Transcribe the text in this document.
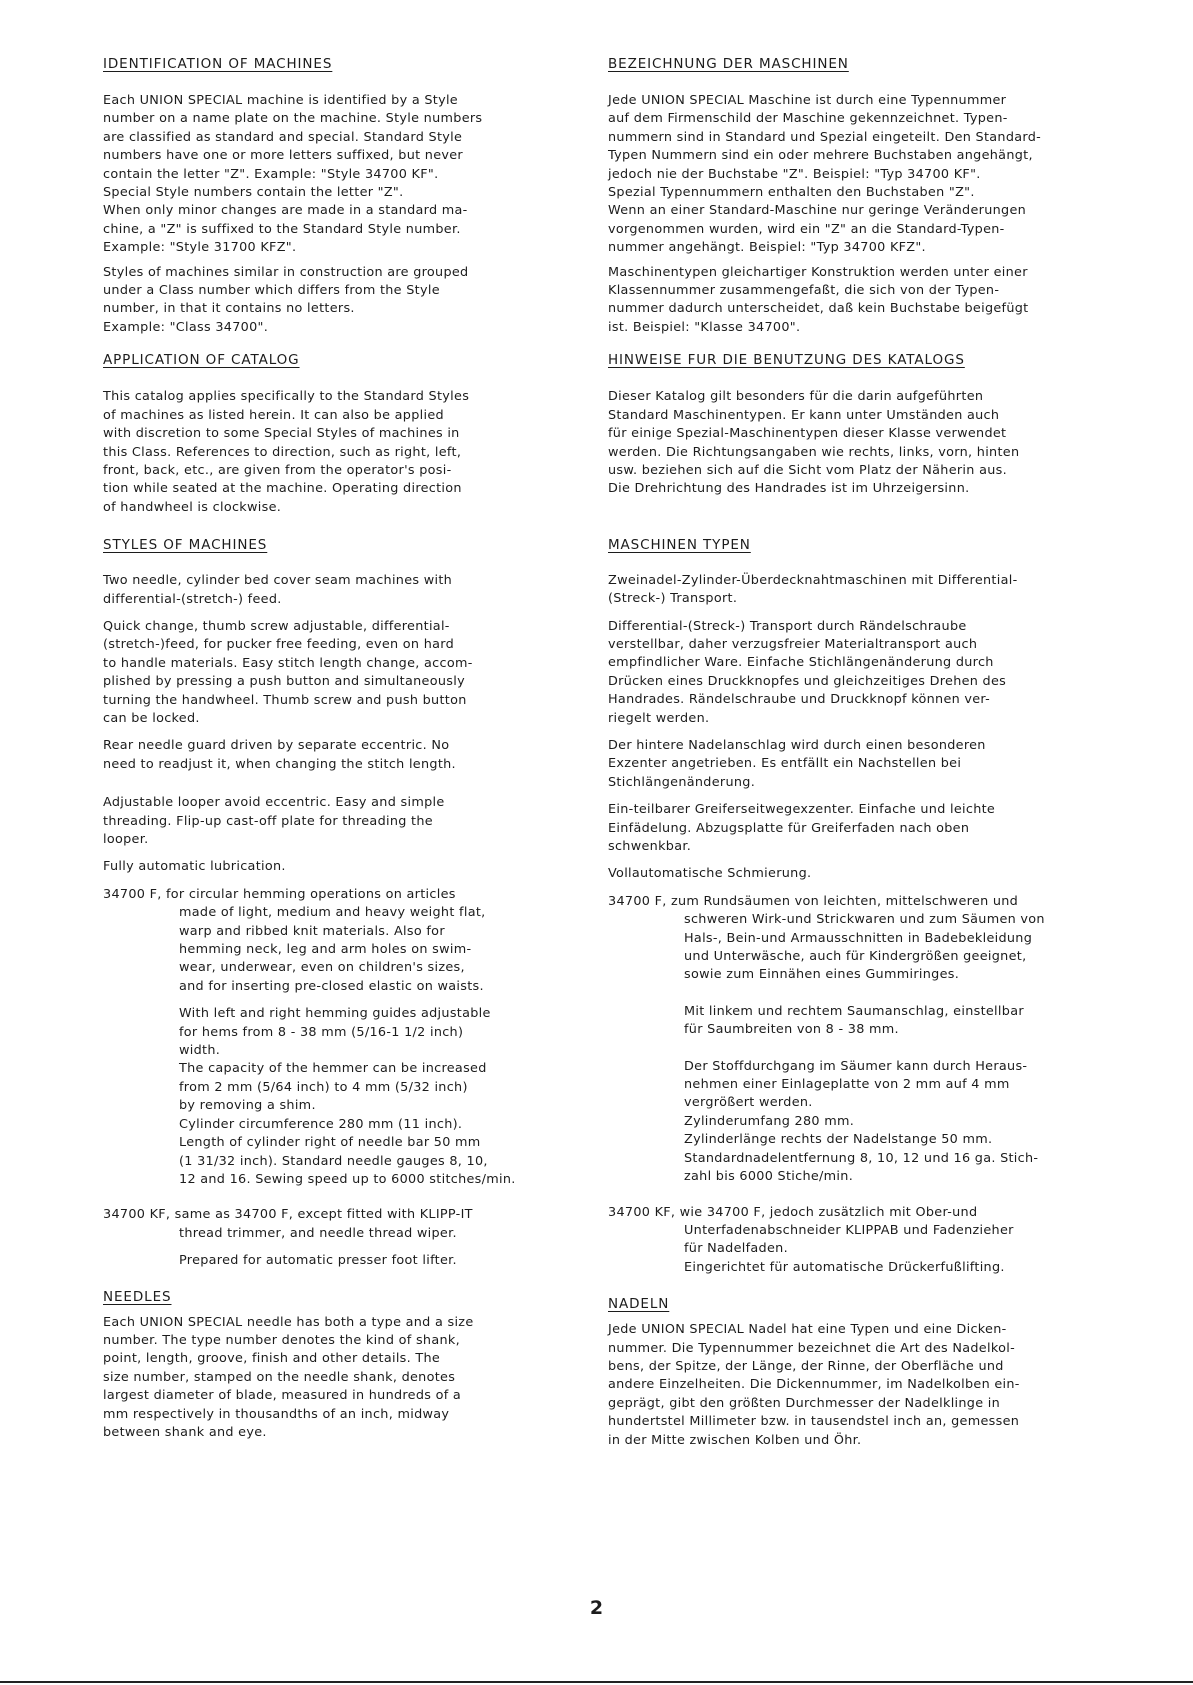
IDENTIFICATION OF MACHINES

Each UNION SPECIAL machine is identified by a Style
number on a name plate on the machine. Style numbers
are classified as standard and special. Standard Style
numbers have one or more letters suffixed, but never
contain the letter "Z". Example: "Style 34700 KF".
Special Style numbers contain the letter "Z".
When only minor changes are made in a standard ma-
chine, a "Z" is suffixed to the Standard Style number.
Example: "Style 31700 KFZ".

Styles of machines similar in construction are grouped
under a Class number which differs from the Style
number, in that it contains no letters.
Example: "Class 34700".

APPLICATION OF CATALOG

This catalog applies specifically to the Standard Styles
of machines as listed herein. It can also be applied
with discretion to some Special Styles of machines in
this Class. References to direction, such as right, left,
front, back, etc., are given from the operator's posi-
tion while seated at the machine. Operating direction
of handwheel is clockwise.

STYLES OF MACHINES

Two needle, cylinder bed cover seam machines with
differential-(stretch-) feed.

Quick change, thumb screw adjustable, differential-
(stretch-)feed, for pucker free feeding, even on hard
to handle materials. Easy stitch length change, accom-
plished by pressing a push button and simultaneously
turning the handwheel. Thumb screw and push button
can be locked.

Rear needle guard driven by separate eccentric. No
need to readjust it, when changing the stitch length.

Adjustable looper avoid eccentric. Easy and simple
threading. Flip-up cast-off plate for threading the
looper.

Fully automatic lubrication.

34700 F, for circular hemming operations on articles

made of light, medium and heavy weight flat,
warp and ribbed knit materials. Also for
hemming neck, leg and arm holes on swim-
wear, underwear, even on children's sizes,
and for inserting pre-closed elastic on waists.

With left and right hemming guides adjustable
for hems from 8 - 38 mm (5/16-1 1/2 inch)
width.
The capacity of the hemmer can be increased
from 2 mm (5/64 inch) to 4 mm (5/32 inch)
by removing a shim.
Cylinder circumference 280 mm (11 inch).
Length of cylinder right of needle bar 50 mm
(1 31/32 inch). Standard needle gauges 8, 10,
12 and 16. Sewing speed up to 6000 stitches/min.

34700 KF, same as 34700 F, except fitted with KLIPP-IT

thread trimmer, and needle thread wiper.

Prepared for automatic presser foot lifter.

NEEDLES

Each UNION SPECIAL needle has both a type and a size
number. The type number denotes the kind of shank,
point, length, groove, finish and other details. The
size number, stamped on the needle shank, denotes
largest diameter of blade, measured in hundreds of a
mm respectively in thousandths of an inch, midway
between shank and eye.

BEZEICHNUNG DER MASCHINEN

Jede UNION SPECIAL Maschine ist durch eine Typennummer
auf dem Firmenschild der Maschine gekennzeichnet. Typen-
nummern sind in Standard und Spezial eingeteilt. Den Standard-
Typen Nummern sind ein oder mehrere Buchstaben angehängt,
jedoch nie der Buchstabe "Z". Beispiel: "Typ 34700 KF".
Spezial Typennummern enthalten den Buchstaben "Z".
Wenn an einer Standard-Maschine nur geringe Veränderungen
vorgenommen wurden, wird ein "Z" an die Standard-Typen-
nummer angehängt. Beispiel: "Typ 34700 KFZ".

Maschinentypen gleichartiger Konstruktion werden unter einer
Klassennummer zusammengefaßt, die sich von der Typen-
nummer dadurch unterscheidet, daß kein Buchstabe beigefügt
ist. Beispiel: "Klasse 34700".

HINWEISE FUR DIE BENUTZUNG DES KATALOGS

Dieser Katalog gilt besonders für die darin aufgeführten
Standard Maschinentypen. Er kann unter Umständen auch
für einige Spezial-Maschinentypen dieser Klasse verwendet
werden. Die Richtungsangaben wie rechts, links, vorn, hinten
usw. beziehen sich auf die Sicht vom Platz der Näherin aus.
Die Drehrichtung des Handrades ist im Uhrzeigersinn.

MASCHINEN TYPEN

Zweinadel-Zylinder-Überdecknahtmaschinen mit Differential-
(Streck-) Transport.

Differential-(Streck-) Transport durch Rändelschraube
verstellbar, daher verzugsfreier Materialtransport auch
empfindlicher Ware. Einfache Stichlängenänderung durch
Drücken eines Druckknopfes und gleichzeitiges Drehen des
Handrades. Rändelschraube und Druckknopf können ver-
riegelt werden.

Der hintere Nadelanschlag wird durch einen besonderen
Exzenter angetrieben. Es entfällt ein Nachstellen bei
Stichlängenänderung.

Ein-teilbarer Greiferseitwegexzenter. Einfache und leichte
Einfädelung. Abzugsplatte für Greiferfaden nach oben
schwenkbar.

Vollautomatische Schmierung.

34700 F, zum Rundsäumen von leichten, mittelschweren und

schweren Wirk-und Strickwaren und zum Säumen von
Hals-, Bein-und Armausschnitten in Badebekleidung
und Unterwäsche, auch für Kindergrößen geeignet,
sowie zum Einnähen eines Gummiringes.

Mit linkem und rechtem Saumanschlag, einstellbar
für Saumbreiten von 8 - 38 mm.

Der Stoffdurchgang im Säumer kann durch Heraus-
nehmen einer Einlageplatte von 2 mm auf 4 mm
vergrößert werden.
Zylinderumfang 280 mm.
Zylinderlänge rechts der Nadelstange 50 mm.
Standardnadelentfernung 8, 10, 12 und 16 ga. Stich-
zahl bis 6000 Stiche/min.

34700 KF, wie 34700 F, jedoch zusätzlich mit Ober-und

Unterfadenabschneider KLIPPAB und Fadenzieher
für Nadelfaden.
Eingerichtet für automatische Drückerfußlifting.

NADELN

Jede UNION SPECIAL Nadel hat eine Typen und eine Dicken-
nummer. Die Typennummer bezeichnet die Art des Nadelkol-
bens, der Spitze, der Länge, der Rinne, der Oberfläche und
andere Einzelheiten. Die Dickennummer, im Nadelkolben ein-
geprägt, gibt den größten Durchmesser der Nadelklinge in
hundertstel Millimeter bzw. in tausendstel inch an, gemessen
in der Mitte zwischen Kolben und Öhr.

2
